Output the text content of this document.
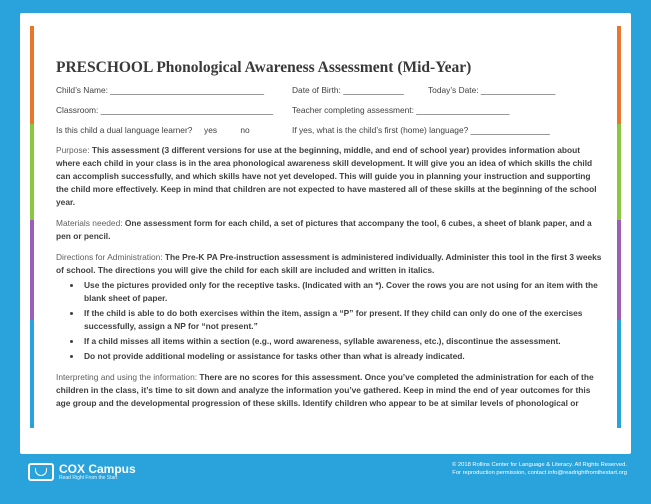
PRESCHOOL Phonological Awareness Assessment (Mid-Year)
Child’s Name: _________________________________	Date of Birth: _____________	Today’s Date: ________________
Classroom: _____________________________________	Teacher completing assessment: ____________________
Is this child a dual language learner?     yes          no	If yes, what is the child’s first (home) language? _________________

Purpose: This assessment (3 different versions for use at the beginning, middle, and end of school year) provides information about where each child in your class is in the area phonological awareness skill development. It will give you an idea of which skills the child can accomplish successfully, and which skills have not yet developed. This will guide you in planning your instruction and supporting the child more effectively. Keep in mind that children are not expected to have mastered all of these skills at the beginning of the school year.

Materials needed: One assessment form for each child, a set of pictures that accompany the tool, 6 cubes, a sheet of blank paper, and a pen or pencil.

Directions for Administration: The Pre-K PA Pre-instruction assessment is administered individually. Administer this tool in the first 3 weeks of school. The directions you will give the child for each skill are included and written in italics.

• Use the pictures provided only for the receptive tasks. (Indicated with an *). Cover the rows you are not using for an item with the blank sheet of paper.
• If the child is able to do both exercises within the item, assign a “P” for present. If they child can only do one of the exercises successfully, assign a NP for “not present.”
• If a child misses all items within a section (e.g., word awareness, syllable awareness, etc.), discontinue the assessment.
• Do not provide additional modeling or assistance for tasks other than what is already indicated.

Interpreting and using the information: There are no scores for this assessment. Once you’ve completed the administration for each of the children in the class, it’s time to sit down and analyze the information you’ve gathered. Keep in mind the end of year outcomes for this age group and the developmental progression of these skills. Identify children who appear to be at similar levels of phonological or

COX Campus
Read Right From the Start
© 2018 Rollins Center for Language & Literacy. All Rights Reserved.
For reproduction permission, contact info@readrightfromthestart.org
